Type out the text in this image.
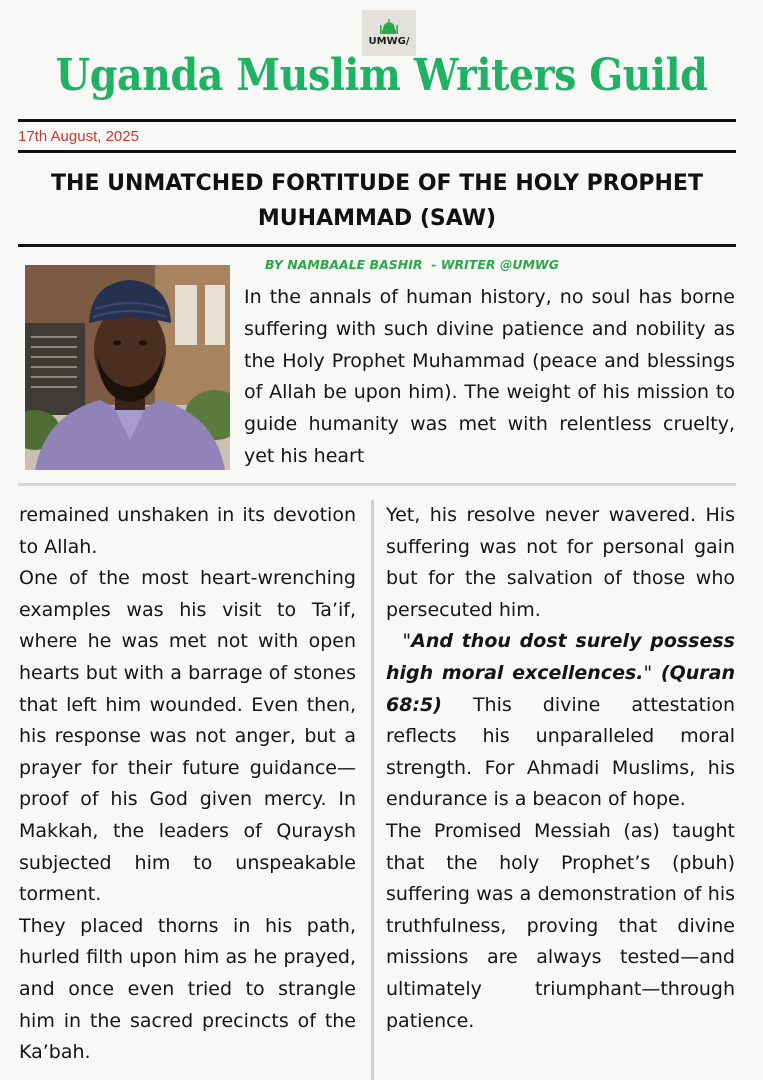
UMWG/
Uganda Muslim Writers Guild
17th August, 2025
THE UNMATCHED FORTITUDE OF THE HOLY PROPHET MUHAMMAD (SAW)
BY NAMBAALE BASHIR  - WRITER @UMWG
In the annals of human history, no soul has borne suffering with such divine patience and nobility as the Holy Prophet Muhammad (peace and blessings of Allah be upon him). The weight of his mission to guide humanity was met with relentless cruelty, yet his heart

remained unshaken in its devotion to Allah.

One of the most heart-wrenching examples was his visit to Ta’if, where he was met not with open hearts but with a barrage of stones that left him wounded. Even then, his response was not anger, but a prayer for their future guidance—proof of his God given mercy. In Makkah, the leaders of Quraysh subjected him to unspeakable torment.

They placed thorns in his path, hurled filth upon him as he prayed, and once even tried to strangle him in the sacred precincts of the Ka’bah.

Yet, his resolve never wavered. His suffering was not for personal gain but for the salvation of those who persecuted him.

"And thou dost surely possess high moral excellences." (Quran 68:5) This divine attestation reflects his unparalleled moral strength. For Ahmadi Muslims, his endurance is a beacon of hope.

The Promised Messiah (as) taught that the holy Prophet’s (pbuh) suffering was a demonstration of his truthfulness, proving that divine missions are always tested—and ultimately triumphant—through patience.
